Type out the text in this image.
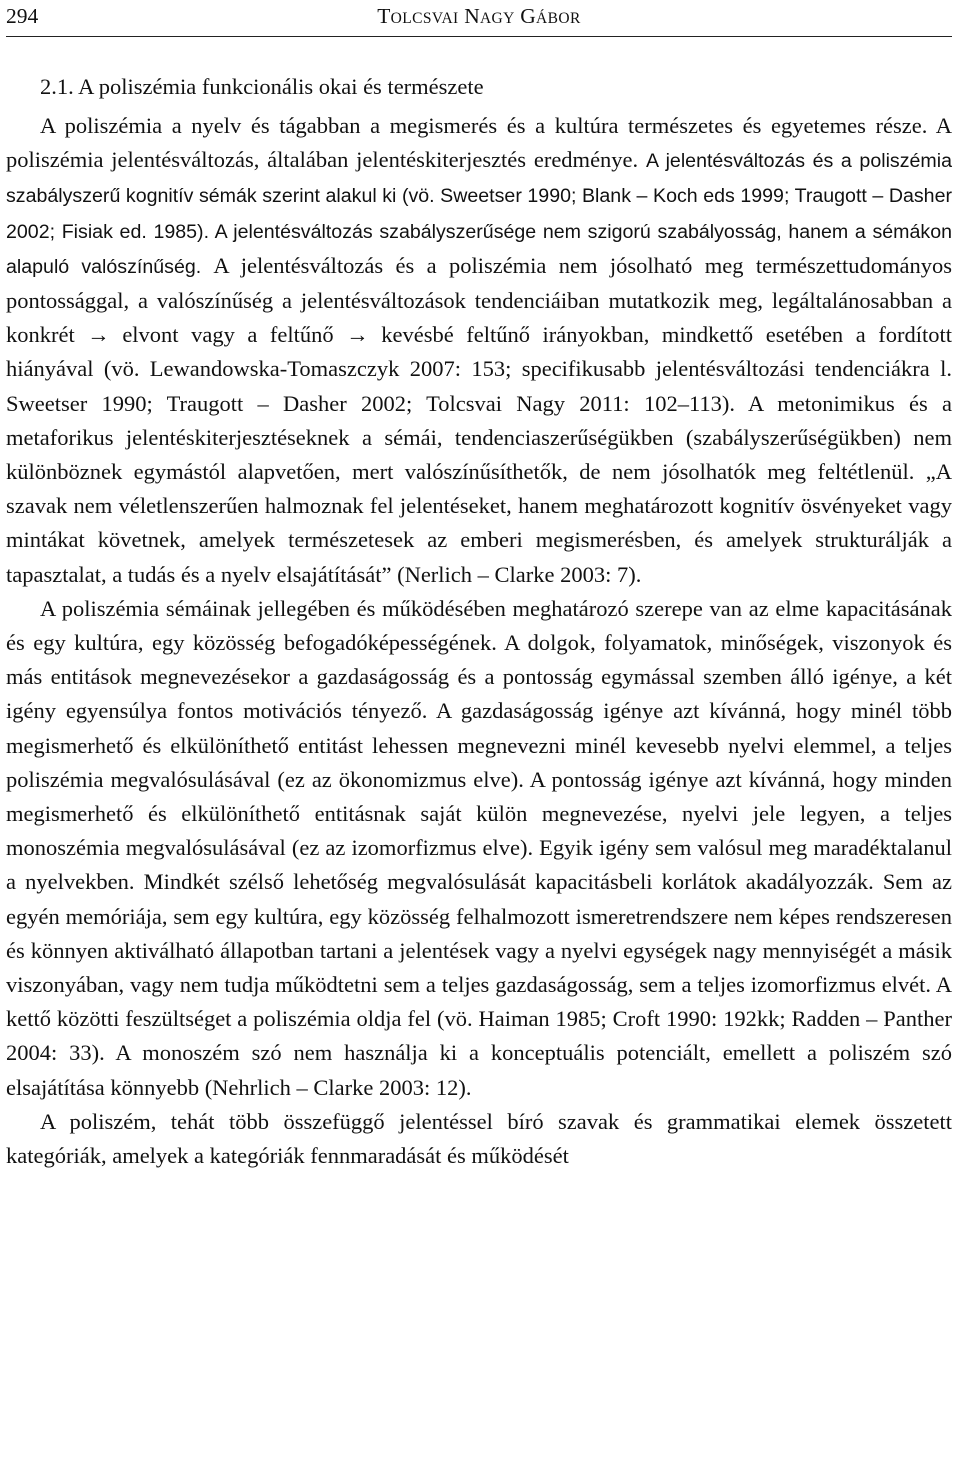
294	TOLCSVAI NAGY GÁBOR
2.1. A poliszémia funkcionális okai és természete

A poliszémia a nyelv és tágabban a megismerés és a kultúra természetes és egyetemes része. A poliszémia jelentésváltozás, általában jelentéskiterjesztés eredménye. A jelentésváltozás és a poliszémia szabályszerű kognitív sémák szerint alakul ki (vö. Sweetser 1990; Blank – Koch eds 1999; Traugott – Dasher 2002; Fisiak ed. 1985). A jelentésváltozás szabályszerűsége nem szigorú szabályosság, hanem a sémákon alapuló valószínűség. A jelentésváltozás és a poliszémia nem jósolható meg természettudományos pontossággal, a valószínűség a jelentésváltozások tendenciáiban mutatkozik meg, legáltalánosabban a konkrét → elvont vagy a feltűnő → kevésbé feltűnő irányokban, mindkettő esetében a fordított hiányával (vö. Lewandowska-Tomaszczyk 2007: 153; specifikusabb jelentésváltozási tendenciákra l. Sweetser 1990; Traugott – Dasher 2002; Tolcsvai Nagy 2011: 102–113). A metonimikus és a metaforikus jelentéskiterjesztéseknek a sémái, tendenciaszerűségükben (szabályszerűségükben) nem különböznek egymástól alapvetően, mert valószínűsíthetők, de nem jósolhatók meg feltétlenül. „A szavak nem véletlenszerűen halmoznak fel jelentéseket, hanem meghatározott kognitív ösvényeket vagy mintákat követnek, amelyek természetesek az emberi megismerésben, és amelyek strukturálják a tapasztalat, a tudás és a nyelv elsajátítását” (Nerlich – Clarke 2003: 7).

A poliszémia sémáinak jellegében és működésében meghatározó szerepe van az elme kapacitásának és egy kultúra, egy közösség befogadóképességének. A dolgok, folyamatok, minőségek, viszonyok és más entitások megnevezésekor a gazdaságosság és a pontosság egymással szemben álló igénye, a két igény egyensúlya fontos motivációs tényező. A gazdaságosság igénye azt kívánná, hogy minél több megismerhető és elkülöníthető entitást lehessen megnevezni minél kevesebb nyelvi elemmel, a teljes poliszémia megvalósulásával (ez az ökonomizmus elve). A pontosság igénye azt kívánná, hogy minden megismerhető és elkülöníthető entitásnak saját külön megnevezése, nyelvi jele legyen, a teljes monoszémia megvalósulásával (ez az izomorfizmus elve). Egyik igény sem valósul meg maradéktalanul a nyelvekben. Mindkét szélső lehetőség megvalósulását kapacitásbeli korlátok akadályozzák. Sem az egyén memóriája, sem egy kultúra, egy közösség felhalmozott ismeretrendszere nem képes rendszeresen és könnyen aktiválható állapotban tartani a jelentések vagy a nyelvi egységek nagy mennyiségét a másik viszonyában, vagy nem tudja működtetni sem a teljes gazdaságosság, sem a teljes izomorfizmus elvét. A kettő közötti feszültséget a poliszémia oldja fel (vö. Haiman 1985; Croft 1990: 192kk; Radden – Panther 2004: 33). A monoszém szó nem használja ki a konceptuális potenciált, emellett a poliszém szó elsajátítása könnyebb (Nehrlich – Clarke 2003: 12).

A poliszém, tehát több összefüggő jelentéssel bíró szavak és grammatikai elemek összetett kategóriák, amelyek a kategóriák fennmaradását és működését
